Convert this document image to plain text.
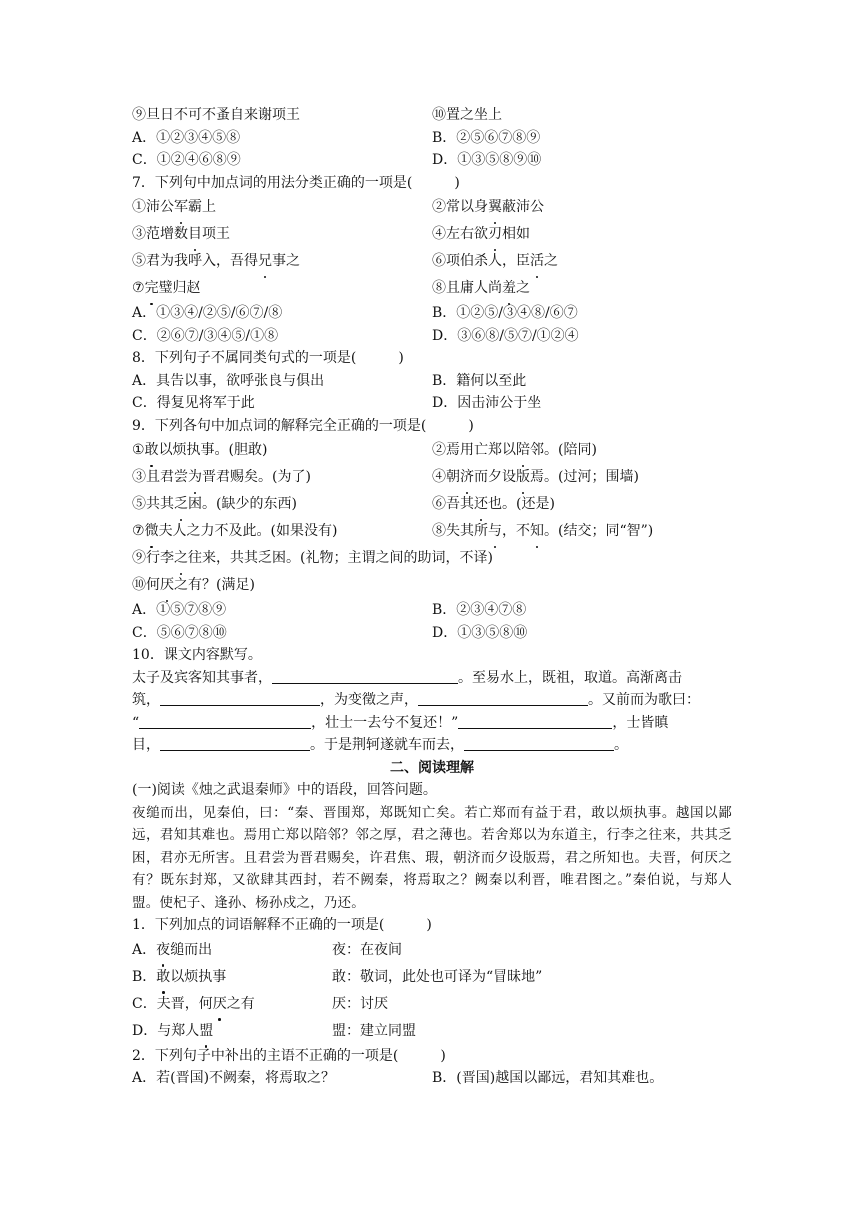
⑨旦日不可不蚤自来谢项王	⑩置之坐上
A．①②③④⑤⑧	B．②⑤⑥⑦⑧⑨
C．①②④⑥⑧⑨	D．①③⑤⑧⑨⑩
7．下列句中加点词的用法分类正确的一项是(　　　)
①沛公军霸上	②常以身翼蔽沛公
③范增数目项王	④左右欲刃相如
⑤君为我呼入，吾得兄事之	⑥项伯杀人，臣活之
⑦完璧归赵	⑧且庸人尚羞之
A．①③④/②⑤/⑥⑦/⑧	B．①②⑤/③④⑧/⑥⑦
C．②⑥⑦/③④⑤/①⑧	D．③⑥⑧/⑤⑦/①②④
8．下列句子不属同类句式的一项是(　　　)
A．具告以事，欲呼张良与俱出	B．籍何以至此
C．得复见将军于此	D．因击沛公于坐
9．下列各句中加点词的解释完全正确的一项是(　　　)
①敢以烦执事。(胆敢)	②焉用亡郑以陪邻。(陪同)
③且君尝为晋君赐矣。(为了)	④朝济而夕设版焉。(过河；围墙)
⑤共其乏困。(缺少的东西)	⑥吾其还也。(还是)
⑦微夫人之力不及此。(如果没有)	⑧失其所与，不知。(结交；同“智”)
⑨行李之往来，共其乏困。(礼物；主谓之间的助词，不译)
⑩何厌之有？(满足)
A．①⑤⑦⑧⑨	B．②③④⑦⑧
C．⑤⑥⑦⑧⑩	D．①③⑤⑧⑩
10．课文内容默写。
太子及宾客知其事者，	。至易水上，既祖，取道。高渐离击
筑，	，为变徵之声，	。又前而为歌曰：
“	，壮士一去兮不复还！”	，士皆瞋
目，	。于是荆轲遂就车而去，	。
二、阅读理解
(一)阅读《烛之武退秦师》中的语段，回答问题。
夜缒而出，见秦伯，曰：“秦、晋围郑，郑既知亡矣。若亡郑而有益于君，敢以烦执事。越国以鄙远，君知其难也。焉用亡郑以陪邻？邻之厚，君之薄也。若舍郑以为东道主，行李之往来，共其乏困，君亦无所害。且君尝为晋君赐矣，许君焦、瑕，朝济而夕设版焉，君之所知也。夫晋，何厌之有？既东封郑，又欲肆其西封，若不阙秦，将焉取之？阙秦以利晋，唯君图之。”秦伯说，与郑人盟。使杞子、逢孙、杨孙戍之，乃还。
1．下列加点的词语解释不正确的一项是(　　　)
A．夜缒而出	夜：在夜间
B．敢以烦执事	敢：敬词，此处也可译为“冒昧地”
C．夫晋，何厌之有	厌：讨厌
D．与郑人盟	盟：建立同盟
2．下列句子中补出的主语不正确的一项是(　　　)
A．若(晋国)不阙秦，将焉取之？	B．(晋国)越国以鄙远，君知其难也。
